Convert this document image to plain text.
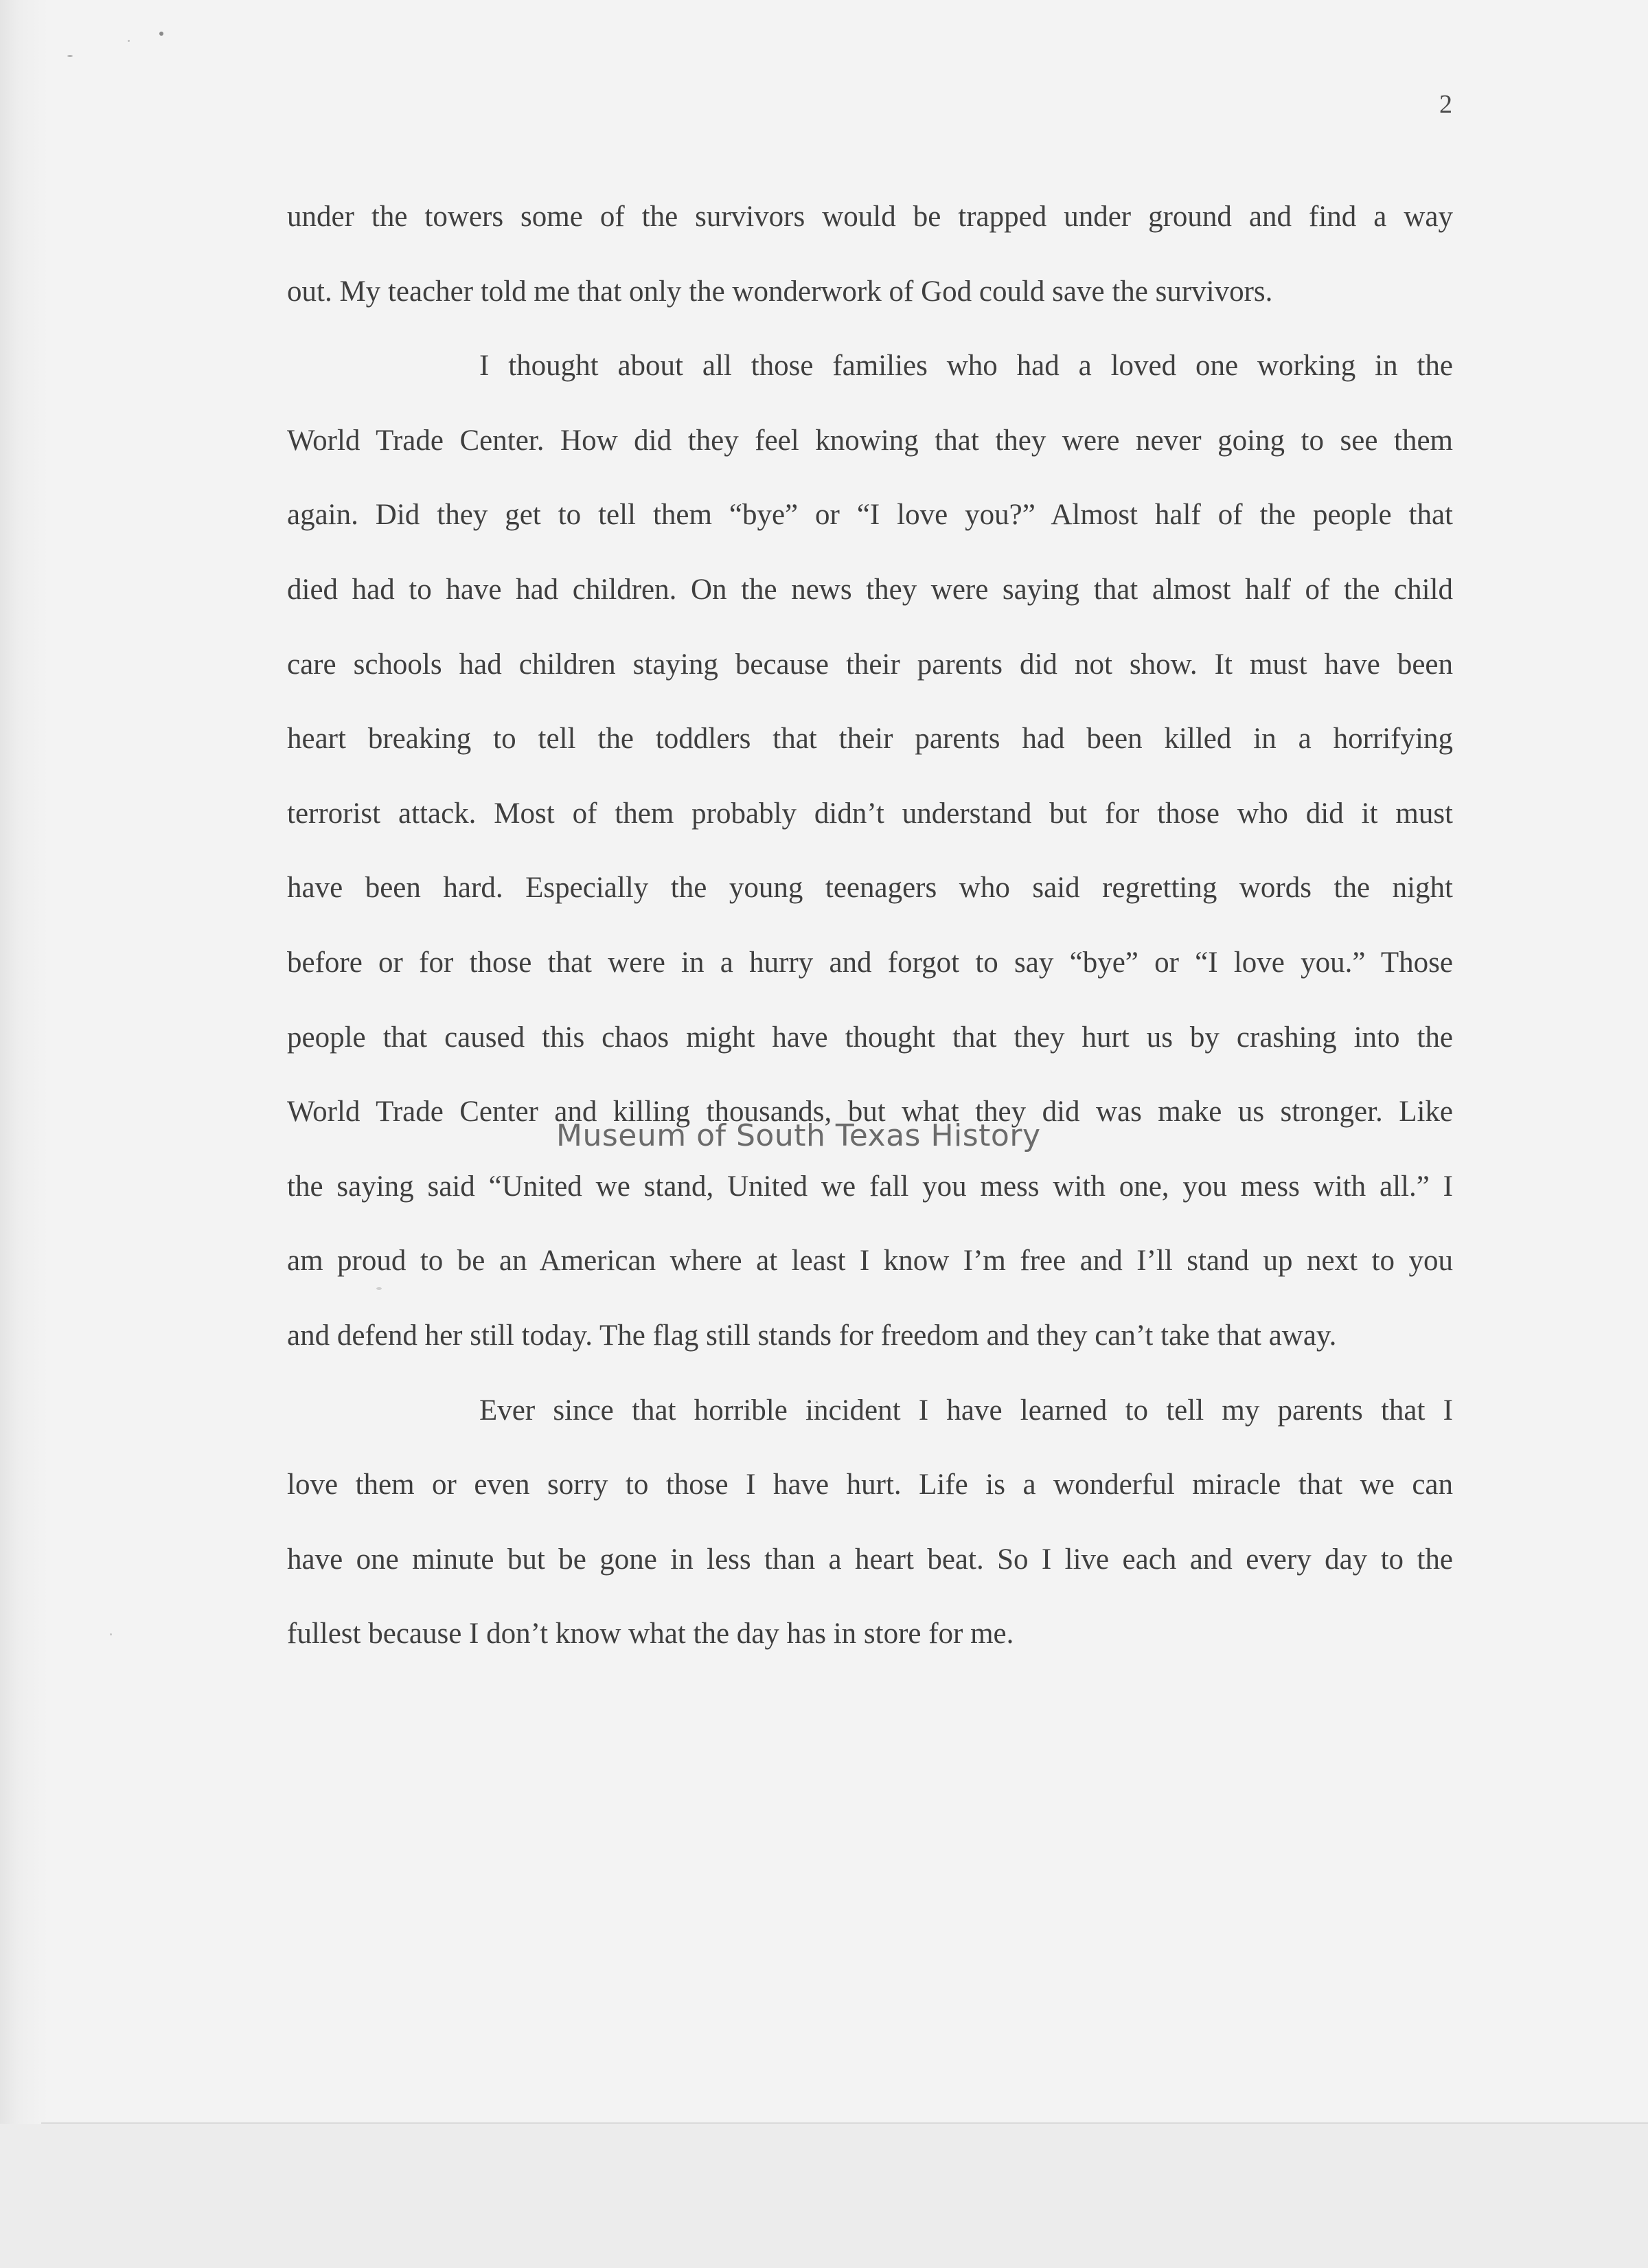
2
under the towers some of the survivors would be trapped under ground and find a way
out. My teacher told me that only the wonderwork of God could save the survivors.
I thought about all those families who had a loved one working in the
World Trade Center. How did they feel knowing that they were never going to see them
again. Did they get to tell them “bye” or “I love you?” Almost half of the people that
died had to have had children. On the news they were saying that almost half of the child
care schools had children staying because their parents did not show. It must have been
heart breaking to tell the toddlers that their parents had been killed in a horrifying
terrorist attack. Most of them probably didn’t understand but for those who did it must
have been hard. Especially the young teenagers who said regretting words the night
before or for those that were in a hurry and forgot to say “bye” or “I love you.” Those
people that caused this chaos might have thought that they hurt us by crashing into the
World Trade Center and killing thousands, but what they did was make us stronger. Like
the saying said “United we stand, United we fall you mess with one, you mess with all.” I
am proud to be an American where at least I know I’m free and I’ll stand up next to you
and defend her still today. The flag still stands for freedom and they can’t take that away.
Ever since that horrible incident I have learned to tell my parents that I
love them or even sorry to those I have hurt. Life is a wonderful miracle that we can
have one minute but be gone in less than a heart beat. So I live each and every day to the
fullest because I don’t know what the day has in store for me.
Museum of South Texas History
